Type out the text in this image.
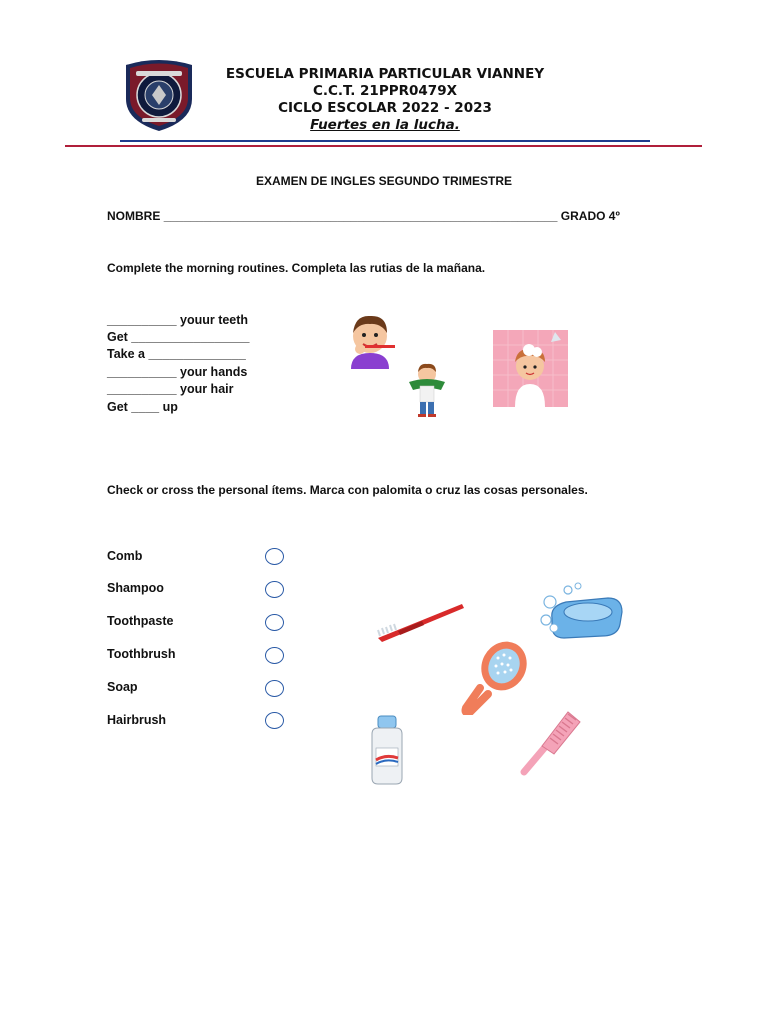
ESCUELA PRIMARIA PARTICULAR VIANNEY
C.C.T. 21PPR0479X
CICLO ESCOLAR 2022 - 2023
Fuertes en la lucha.
EXAMEN DE INGLES SEGUNDO TRIMESTRE
NOMBRE ___________________________________________________________ GRADO 4º
Complete the morning routines. Completa las rutias de la mañana.
__________ youur teeth
Get _________________
Take a ______________
__________ your hands
__________ your hair
Get ____ up
Check or cross the personal ítems. Marca con palomita o cruz las cosas personales.
Comb
Shampoo
Toothpaste
Toothbrush
Soap
Hairbrush
